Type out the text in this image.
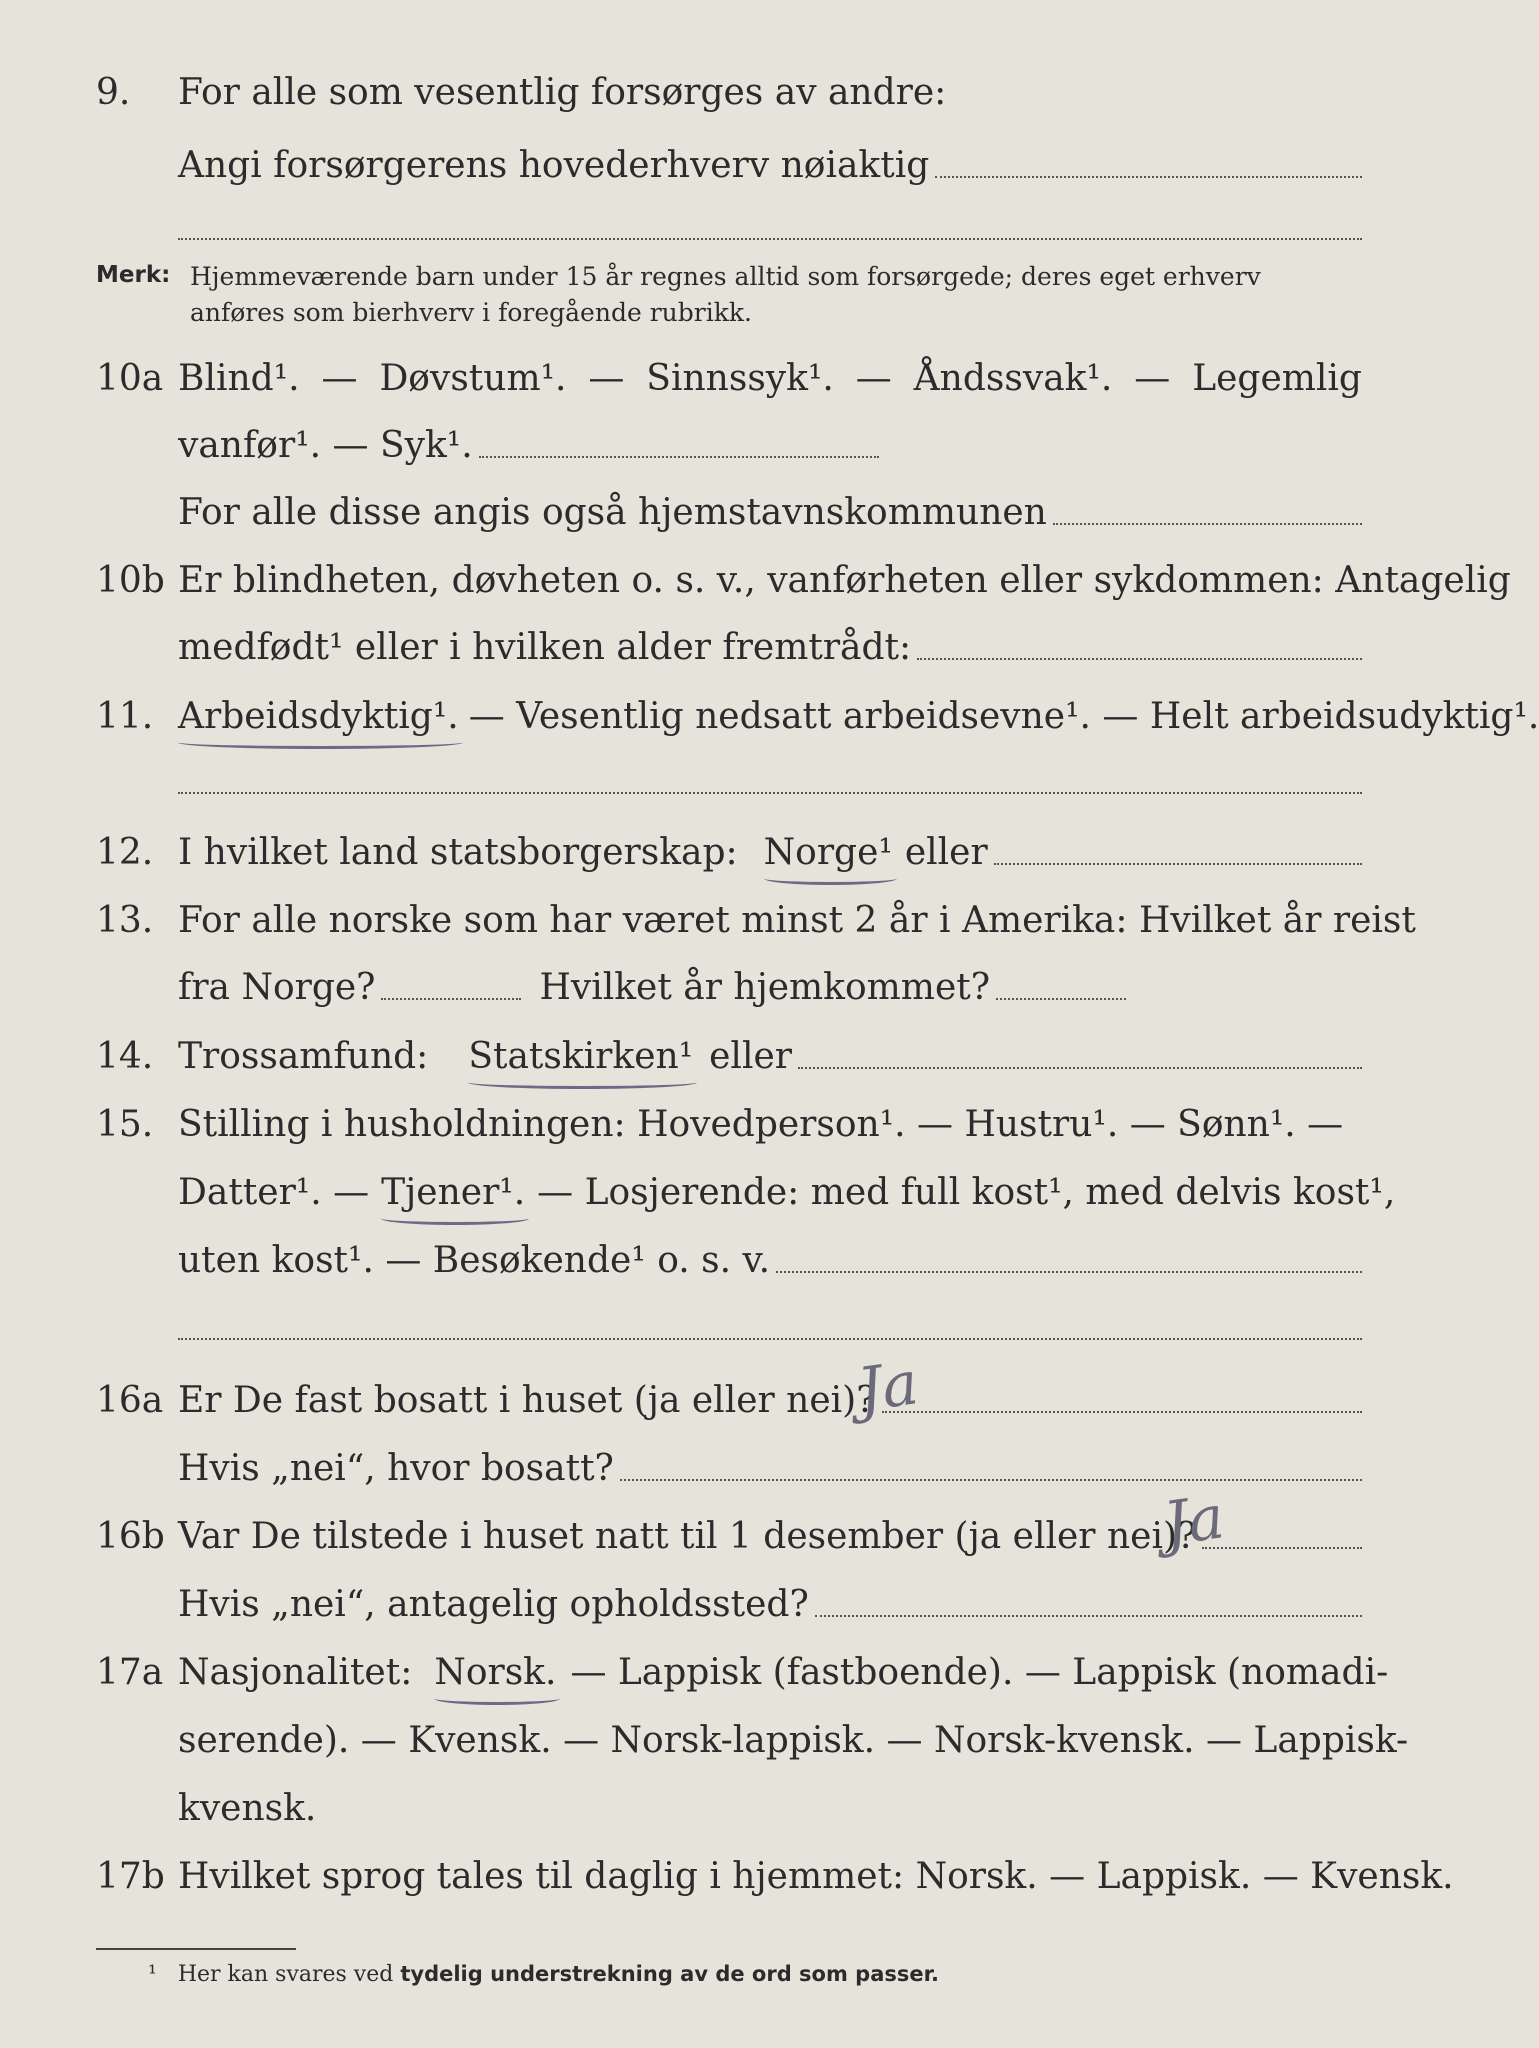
9. For alle som vesentlig forsørges av andre:
Angi forsørgerens hovederhverv nøiaktig
Merk: Hjemmeværende barn under 15 år regnes alltid som forsørgede; deres eget erhverv
anføres som bierhverv i foregående rubrikk.
10a Blind¹. — Døvstum¹. — Sinnssyk¹. — Åndssvak¹. — Legemlig
vanfør¹. — Syk¹.
For alle disse angis også hjemstavnskommunen
10b Er blindheten, døvheten o. s. v., vanførheten eller sykdommen: Antagelig
medfødt¹ eller i hvilken alder fremtrådt:
11. Arbeidsdyktig¹. — Vesentlig nedsatt arbeidsevne¹. — Helt arbeidsudyktig¹.
12. I hvilket land statsborgerskap: Norge¹ eller
13. For alle norske som har været minst 2 år i Amerika: Hvilket år reist
fra Norge?	Hvilket år hjemkommet?
14. Trossamfund: Statskirken¹ eller
15. Stilling i husholdningen: Hovedperson¹. — Hustru¹. — Sønn¹. —
Datter¹. — Tjener¹. — Losjerende: med full kost¹, med delvis kost¹,
uten kost¹. — Besøkende¹ o. s. v.
16a Er De fast bosatt i huset (ja eller nei)?
Ja
Hvis „nei“, hvor bosatt?
16b Var De tilstede i huset natt til 1 desember (ja eller nei)?
Ja
Hvis „nei“, antagelig opholdssted?
17a Nasjonalitet: Norsk. — Lappisk (fastboende). — Lappisk (nomadi-
serende). — Kvensk. — Norsk-lappisk. — Norsk-kvensk. — Lappisk-
kvensk.
17b Hvilket sprog tales til daglig i hjemmet: Norsk. — Lappisk. — Kvensk.
¹ Her kan svares ved tydelig understrekning av de ord som passer.
